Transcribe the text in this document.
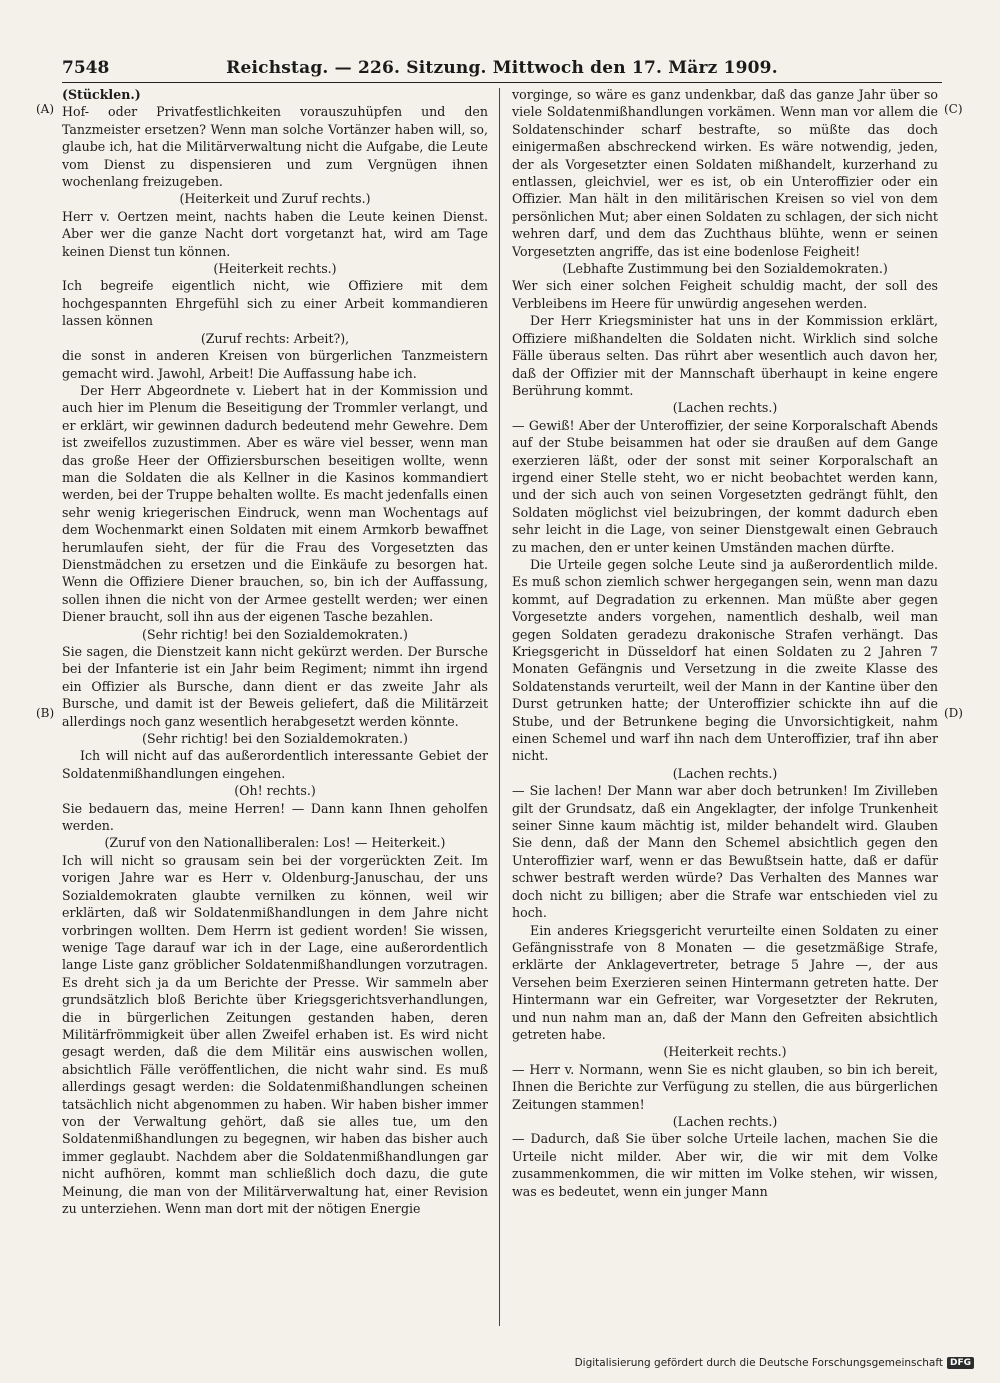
7548	Reichstag. — 226. Sitzung. Mittwoch den 17. März 1909.

(Stücklen.)

Hof- oder Privatfestlichkeiten vorauszuhüpfen und den Tanzmeister ersetzen? Wenn man solche Vortänzer haben will, so, glaube ich, hat die Militärverwaltung nicht die Aufgabe, die Leute vom Dienst zu dispensieren und zum Vergnügen ihnen wochenlang freizugeben.

(Heiterkeit und Zuruf rechts.)

Herr v. Oertzen meint, nachts haben die Leute keinen Dienst. Aber wer die ganze Nacht dort vorgetanzt hat, wird am Tage keinen Dienst tun können.

(Heiterkeit rechts.)

Ich begreife eigentlich nicht, wie Offiziere mit dem hochgespannten Ehrgefühl sich zu einer Arbeit kommandieren lassen können

(Zuruf rechts: Arbeit?),

die sonst in anderen Kreisen von bürgerlichen Tanzmeistern gemacht wird. Jawohl, Arbeit! Die Auffassung habe ich.

Der Herr Abgeordnete v. Liebert hat in der Kommission und auch hier im Plenum die Beseitigung der Trommler verlangt, und er erklärt, wir gewinnen dadurch bedeutend mehr Gewehre. Dem ist zweifellos zuzustimmen. Aber es wäre viel besser, wenn man das große Heer der Offiziersburschen beseitigen wollte, wenn man die Soldaten die als Kellner in die Kasinos kommandiert werden, bei der Truppe behalten wollte. Es macht jedenfalls einen sehr wenig kriegerischen Eindruck, wenn man Wochentags auf dem Wochenmarkt einen Soldaten mit einem Armkorb bewaffnet herumlaufen sieht, der für die Frau des Vorgesetzten das Dienstmädchen zu ersetzen und die Einkäufe zu besorgen hat. Wenn die Offiziere Diener brauchen, so, bin ich der Auffassung, sollen ihnen die nicht von der Armee gestellt werden; wer einen Diener braucht, soll ihn aus der eigenen Tasche bezahlen.

(Sehr richtig! bei den Sozialdemokraten.)

Sie sagen, die Dienstzeit kann nicht gekürzt werden. Der Bursche bei der Infanterie ist ein Jahr beim Regiment; nimmt ihn irgend ein Offizier als Bursche, dann dient er das zweite Jahr als Bursche, und damit ist der Beweis geliefert, daß die Militärzeit allerdings noch ganz wesentlich herabgesetzt werden könnte.

(Sehr richtig! bei den Sozialdemokraten.)

Ich will nicht auf das außerordentlich interessante Gebiet der Soldatenmißhandlungen eingehen.

(Oh! rechts.)

Sie bedauern das, meine Herren! — Dann kann Ihnen geholfen werden.

(Zuruf von den Nationalliberalen: Los! — Heiterkeit.)

Ich will nicht so grausam sein bei der vorgerückten Zeit. Im vorigen Jahre war es Herr v. Oldenburg-Januschau, der uns Sozialdemokraten glaubte vernilken zu können, weil wir erklärten, daß wir Soldatenmißhandlungen in dem Jahre nicht vorbringen wollten. Dem Herrn ist gedient worden! Sie wissen, wenige Tage darauf war ich in der Lage, eine außerordentlich lange Liste ganz gröblicher Soldatenmißhandlungen vorzutragen. Es dreht sich ja da um Berichte der Presse. Wir sammeln aber grundsätzlich bloß Berichte über Kriegsgerichtsverhandlungen, die in bürgerlichen Zeitungen gestanden haben, deren Militärfrömmigkeit über allen Zweifel erhaben ist. Es wird nicht gesagt werden, daß die dem Militär eins auswischen wollen, absichtlich Fälle veröffentlichen, die nicht wahr sind. Es muß allerdings gesagt werden: die Soldatenmißhandlungen scheinen tatsächlich nicht abgenommen zu haben. Wir haben bisher immer von der Verwaltung gehört, daß sie alles tue, um den Soldatenmißhandlungen zu begegnen, wir haben das bisher auch immer geglaubt. Nachdem aber die Soldatenmißhandlungen gar nicht aufhören, kommt man schließlich doch dazu, die gute Meinung, die man von der Militärverwaltung hat, einer Revision zu unterziehen. Wenn man dort mit der nötigen Energie

vorginge, so wäre es ganz undenkbar, daß das ganze Jahr über so viele Soldatenmißhandlungen vorkämen. Wenn man vor allem die Soldatenschinder scharf bestrafte, so müßte das doch einigermaßen abschreckend wirken. Es wäre notwendig, jeden, der als Vorgesetzter einen Soldaten mißhandelt, kurzerhand zu entlassen, gleichviel, wer es ist, ob ein Unteroffizier oder ein Offizier. Man hält in den militärischen Kreisen so viel von dem persönlichen Mut; aber einen Soldaten zu schlagen, der sich nicht wehren darf, und dem das Zuchthaus blühte, wenn er seinen Vorgesetzten angriffe, das ist eine bodenlose Feigheit!

(Lebhafte Zustimmung bei den Sozialdemokraten.)

Wer sich einer solchen Feigheit schuldig macht, der soll des Verbleibens im Heere für unwürdig angesehen werden.

Der Herr Kriegsminister hat uns in der Kommission erklärt, Offiziere mißhandelten die Soldaten nicht. Wirklich sind solche Fälle überaus selten. Das rührt aber wesentlich auch davon her, daß der Offizier mit der Mannschaft überhaupt in keine engere Berührung kommt.

(Lachen rechts.)

— Gewiß! Aber der Unteroffizier, der seine Korporalschaft Abends auf der Stube beisammen hat oder sie draußen auf dem Gange exerzieren läßt, oder der sonst mit seiner Korporalschaft an irgend einer Stelle steht, wo er nicht beobachtet werden kann, und der sich auch von seinen Vorgesetzten gedrängt fühlt, den Soldaten möglichst viel beizubringen, der kommt dadurch eben sehr leicht in die Lage, von seiner Dienstgewalt einen Gebrauch zu machen, den er unter keinen Umständen machen dürfte.

Die Urteile gegen solche Leute sind ja außerordentlich milde. Es muß schon ziemlich schwer hergegangen sein, wenn man dazu kommt, auf Degradation zu erkennen. Man müßte aber gegen Vorgesetzte anders vorgehen, namentlich deshalb, weil man gegen Soldaten geradezu drakonische Strafen verhängt. Das Kriegsgericht in Düsseldorf hat einen Soldaten zu 2 Jahren 7 Monaten Gefängnis und Versetzung in die zweite Klasse des Soldatenstands verurteilt, weil der Mann in der Kantine über den Durst getrunken hatte; der Unteroffizier schickte ihn auf die Stube, und der Betrunkene beging die Unvorsichtigkeit, nahm einen Schemel und warf ihn nach dem Unteroffizier, traf ihn aber nicht.

(Lachen rechts.)

— Sie lachen! Der Mann war aber doch betrunken! Im Zivilleben gilt der Grundsatz, daß ein Angeklagter, der infolge Trunkenheit seiner Sinne kaum mächtig ist, milder behandelt wird. Glauben Sie denn, daß der Mann den Schemel absichtlich gegen den Unteroffizier warf, wenn er das Bewußtsein hatte, daß er dafür schwer bestraft werden würde? Das Verhalten des Mannes war doch nicht zu billigen; aber die Strafe war entschieden viel zu hoch.

Ein anderes Kriegsgericht verurteilte einen Soldaten zu einer Gefängnisstrafe von 8 Monaten — die gesetzmäßige Strafe, erklärte der Anklagevertreter, betrage 5 Jahre —, der aus Versehen beim Exerzieren seinen Hintermann getreten hatte. Der Hintermann war ein Gefreiter, war Vorgesetzter der Rekruten, und nun nahm man an, daß der Mann den Gefreiten absichtlich getreten habe.

(Heiterkeit rechts.)

— Herr v. Normann, wenn Sie es nicht glauben, so bin ich bereit, Ihnen die Berichte zur Verfügung zu stellen, die aus bürgerlichen Zeitungen stammen!

(Lachen rechts.)

— Dadurch, daß Sie über solche Urteile lachen, machen Sie die Urteile nicht milder. Aber wir, die wir mit dem Volke zusammenkommen, die wir mitten im Volke stehen, wir wissen, was es bedeutet, wenn ein junger Mann

(A)
(B)
(C)
(D)
Digitalisierung gefördert durch die Deutsche Forschungsgemeinschaft DFG
